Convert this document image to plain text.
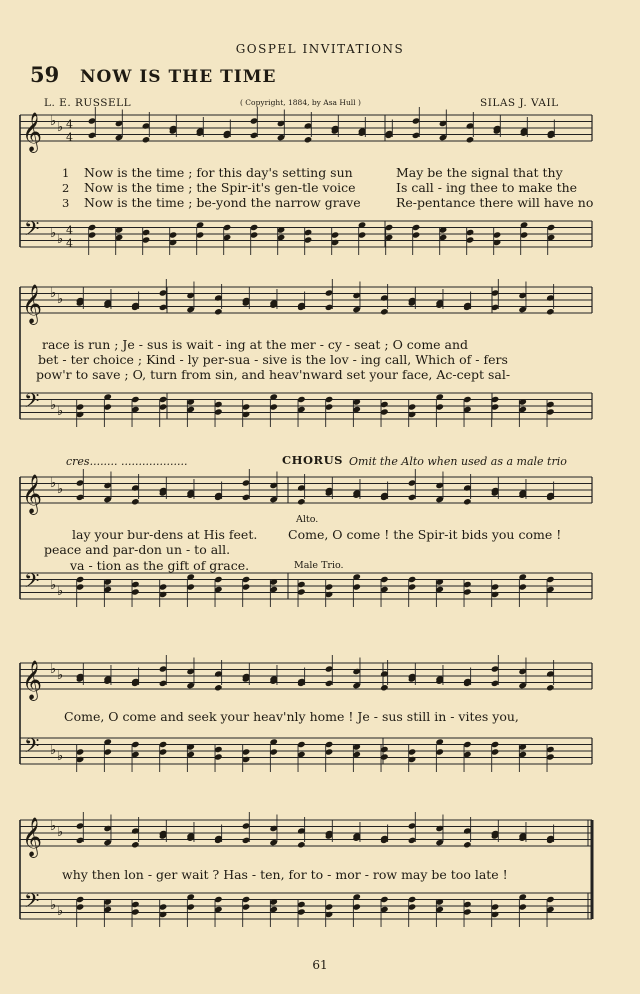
GOSPEL INVITATIONS
59 NOW IS THE TIME
L. E. RUSSELL	( Copyright, 1884, by Asa Hull )	SILAS J. VAIL
𝄞
𝄢
♭ ♭
♭ ♭
4
4
4
4
𝄞
𝄢
♭ ♭
♭ ♭
𝄞
𝄢
♭ ♭
♭ ♭
𝄞
𝄢
♭ ♭
♭ ♭
𝄞
𝄢
♭ ♭
♭ ♭
1 Now is the time ; for this day's setting sun	May be the signal that thy
2 Now is the time ; the Spir-it's gen-tle voice	Is call - ing thee to make the
3 Now is the time ; be-yond the narrow grave	Re-pentance there will have no
race is run ; Je - sus is wait - ing at the mer - cy - seat ; O come and
bet - ter choice ; Kind - ly per-sua - sive is the lov - ing call, Which of - fers
pow'r to save ; O, turn from sin, and heav'nward set your face, Ac-cept sal-
cres........ ...................	CHORUS Omit the Alto when used as a male trio
Alto.
lay your bur-dens at His feet. Come, O come ! the Spir-it bids you come !
peace and par-don un - to all.
va - tion as the gift of grace.	Male Trio.
Come, O come and seek your heav'nly home ! Je - sus still in - vites you,
why then lon - ger wait ? Has - ten, for to - mor - row may be too late !
61
